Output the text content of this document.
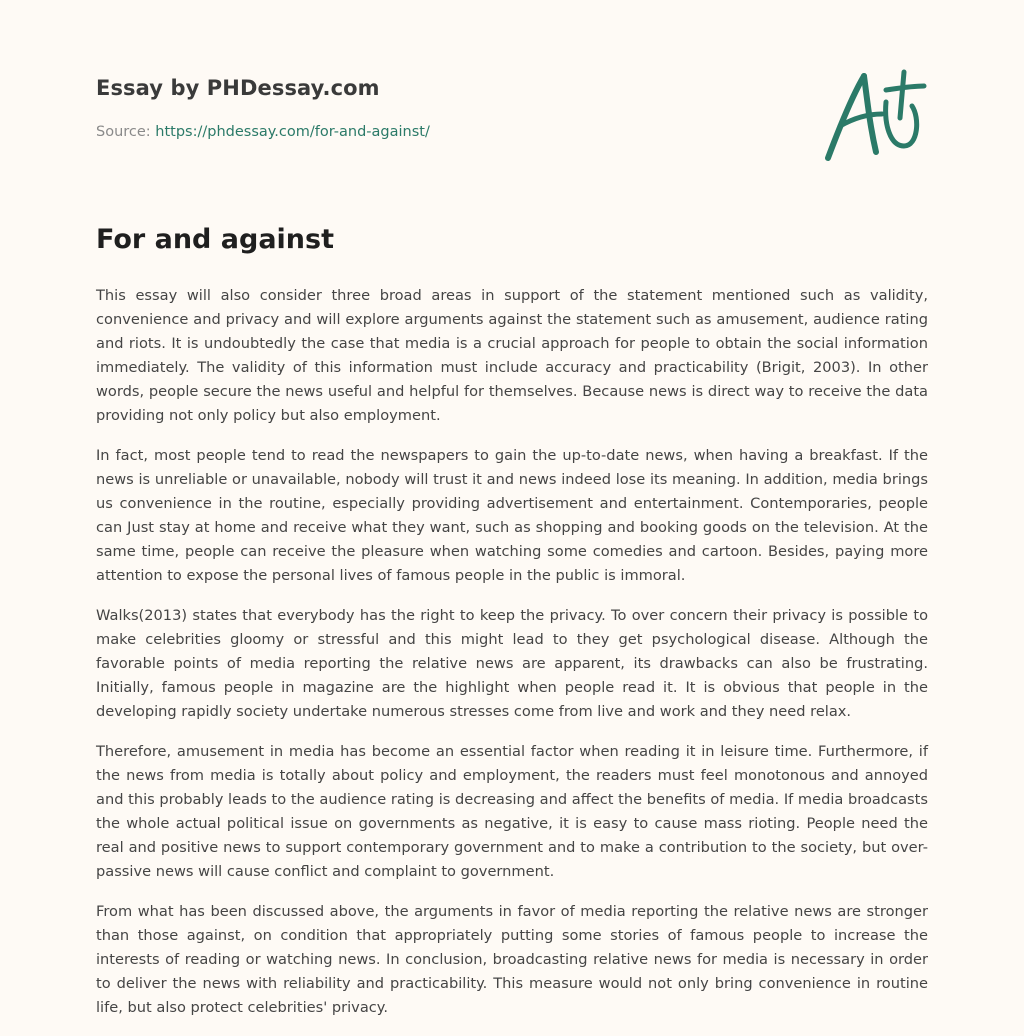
Essay by PHDessay.com
Source: https://phdessay.com/for-and-against/
For and against

This essay will also consider three broad areas in support of the statement mentioned such as validity, convenience and privacy and will explore arguments against the statement such as amusement, audience rating and riots. It is undoubtedly the case that media is a crucial approach for people to obtain the social information immediately. The validity of this information must include accuracy and practicability (Brigit, 2003). In other words, people secure the news useful and helpful for themselves. Because news is direct way to receive the data providing not only policy but also employment.

In fact, most people tend to read the newspapers to gain the up-to-date news, when having a breakfast. If the news is unreliable or unavailable, nobody will trust it and news indeed lose its meaning. In addition, media brings us convenience in the routine, especially providing advertisement and entertainment. Contemporaries, people can Just stay at home and receive what they want, such as shopping and booking goods on the television. At the same time, people can receive the pleasure when watching some comedies and cartoon. Besides, paying more attention to expose the personal lives of famous people in the public is immoral.

Walks(2013) states that everybody has the right to keep the privacy. To over concern their privacy is possible to make celebrities gloomy or stressful and this might lead to they get psychological disease. Although the favorable points of media reporting the relative news are apparent, its drawbacks can also be frustrating. Initially, famous people in magazine are the highlight when people read it. It is obvious that people in the developing rapidly society undertake numerous stresses come from live and work and they need relax.

Therefore, amusement in media has become an essential factor when reading it in leisure time. Furthermore, if the news from media is totally about policy and employment, the readers must feel monotonous and annoyed and this probably leads to the audience rating is decreasing and affect the benefits of media. If media broadcasts the whole actual political issue on governments as negative, it is easy to cause mass rioting. People need the real and positive news to support contemporary government and to make a contribution to the society, but over-passive news will cause conflict and complaint to government.

From what has been discussed above, the arguments in favor of media reporting the relative news are stronger than those against, on condition that appropriately putting some stories of famous people to increase the interests of reading or watching news. In conclusion, broadcasting relative news for media is necessary in order to deliver the news with reliability and practicability. This measure would not only bring convenience in routine life, but also protect celebrities' privacy.
